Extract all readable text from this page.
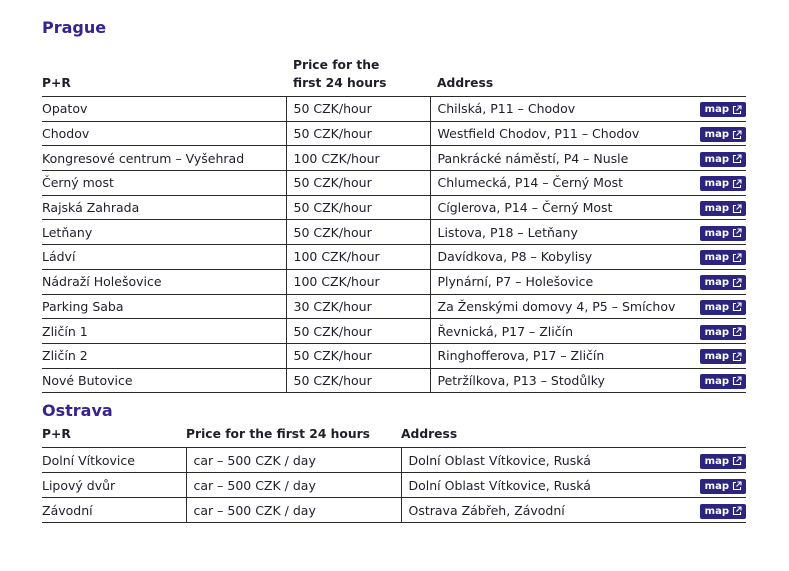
Prague
P+R	Price for the first 24 hours	Address	
Opatov	50 CZK/hour	Chilská, P11 – Chodov	map

Chodov	50 CZK/hour	Westfield Chodov, P11 – Chodov	map

Kongresové centrum – Vyšehrad	100 CZK/hour	Pankrácké náměstí, P4 – Nusle	map

Černý most	50 CZK/hour	Chlumecká, P14 – Černý Most	map

Rajská Zahrada	50 CZK/hour	Cíglerova, P14 – Černý Most	map

Letňany	50 CZK/hour	Listova, P18 – Letňany	map

Ládví	100 CZK/hour	Davídkova, P8 – Kobylisy	map

Nádraží Holešovice	100 CZK/hour	Plynární, P7 – Holešovice	map

Parking Saba	30 CZK/hour	Za Ženskými domovy 4, P5 – Smíchov	map

Zličín 1	50 CZK/hour	Řevnická, P17 – Zličín	map

Zličín 2	50 CZK/hour	Ringhofferova, P17 – Zličín	map

Nové Butovice	50 CZK/hour	Petržílkova, P13 – Stodůlky	map
Ostrava
P+R	Price for the first 24 hours	Address	
Dolní Vítkovice	car – 500 CZK / day	Dolní Oblast Vítkovice, Ruská	map

Lipový dvůr	car – 500 CZK / day	Dolní Oblast Vítkovice, Ruská	map

Závodní	car – 500 CZK / day	Ostrava Zábřeh, Závodní	map
